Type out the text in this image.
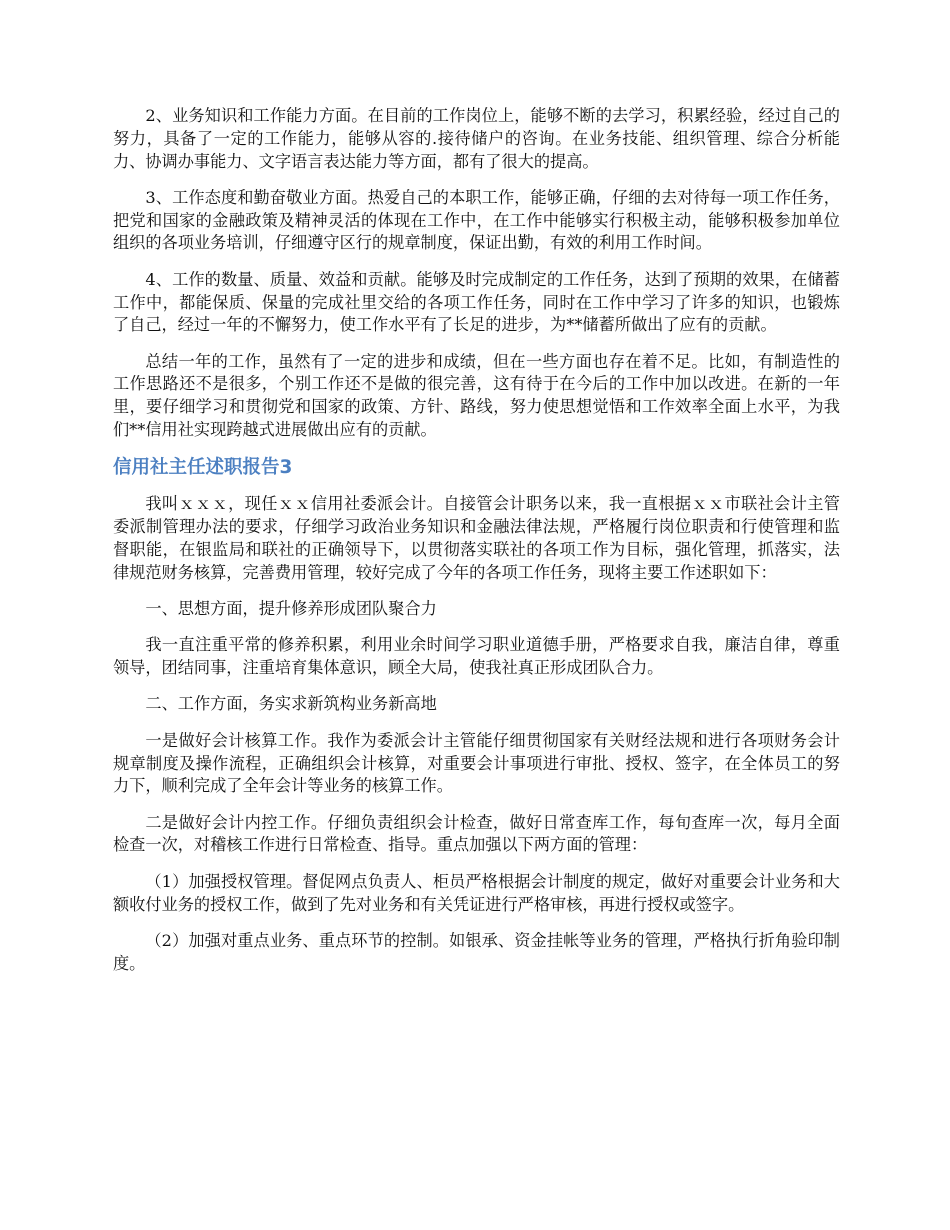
2、业务知识和工作能力方面。在目前的工作岗位上，能够不断的去学习，积累经验，经过自己的努力，具备了一定的工作能力，能够从容的.接待储户的咨询。在业务技能、组织管理、综合分析能力、协调办事能力、文字语言表达能力等方面，都有了很大的提高。

3、工作态度和勤奋敬业方面。热爱自己的本职工作，能够正确，仔细的去对待每一项工作任务，把党和国家的金融政策及精神灵活的体现在工作中，在工作中能够实行积极主动，能够积极参加单位组织的各项业务培训，仔细遵守区行的规章制度，保证出勤，有效的利用工作时间。

4、工作的数量、质量、效益和贡献。能够及时完成制定的工作任务，达到了预期的效果，在储蓄工作中，都能保质、保量的完成社里交给的各项工作任务，同时在工作中学习了许多的知识，也锻炼了自己，经过一年的不懈努力，使工作水平有了长足的进步，为**储蓄所做出了应有的贡献。

总结一年的工作，虽然有了一定的进步和成绩，但在一些方面也存在着不足。比如，有制造性的工作思路还不是很多，个别工作还不是做的很完善，这有待于在今后的工作中加以改进。在新的一年里，要仔细学习和贯彻党和国家的政策、方针、路线，努力使思想觉悟和工作效率全面上水平，为我们**信用社实现跨越式进展做出应有的贡献。

信用社主任述职报告3

我叫ｘｘｘ，现任ｘｘ信用社委派会计。自接管会计职务以来，我一直根据ｘｘ市联社会计主管委派制管理办法的要求，仔细学习政治业务知识和金融法律法规，严格履行岗位职责和行使管理和监督职能，在银监局和联社的正确领导下，以贯彻落实联社的各项工作为目标，强化管理，抓落实，法律规范财务核算，完善费用管理，较好完成了今年的各项工作任务，现将主要工作述职如下：

一、思想方面，提升修养形成团队聚合力

我一直注重平常的修养积累，利用业余时间学习职业道德手册，严格要求自我，廉洁自律，尊重领导，团结同事，注重培育集体意识，顾全大局，使我社真正形成团队合力。

二、工作方面，务实求新筑构业务新高地

一是做好会计核算工作。我作为委派会计主管能仔细贯彻国家有关财经法规和进行各项财务会计规章制度及操作流程，正确组织会计核算，对重要会计事项进行审批、授权、签字，在全体员工的努力下，顺利完成了全年会计等业务的核算工作。

二是做好会计内控工作。仔细负责组织会计检查，做好日常查库工作，每旬查库一次，每月全面检查一次，对稽核工作进行日常检查、指导。重点加强以下两方面的管理：

（1）加强授权管理。督促网点负责人、柜员严格根据会计制度的规定，做好对重要会计业务和大额收付业务的授权工作，做到了先对业务和有关凭证进行严格审核，再进行授权或签字。

（2）加强对重点业务、重点环节的控制。如银承、资金挂帐等业务的管理，严格执行折角验印制度。
